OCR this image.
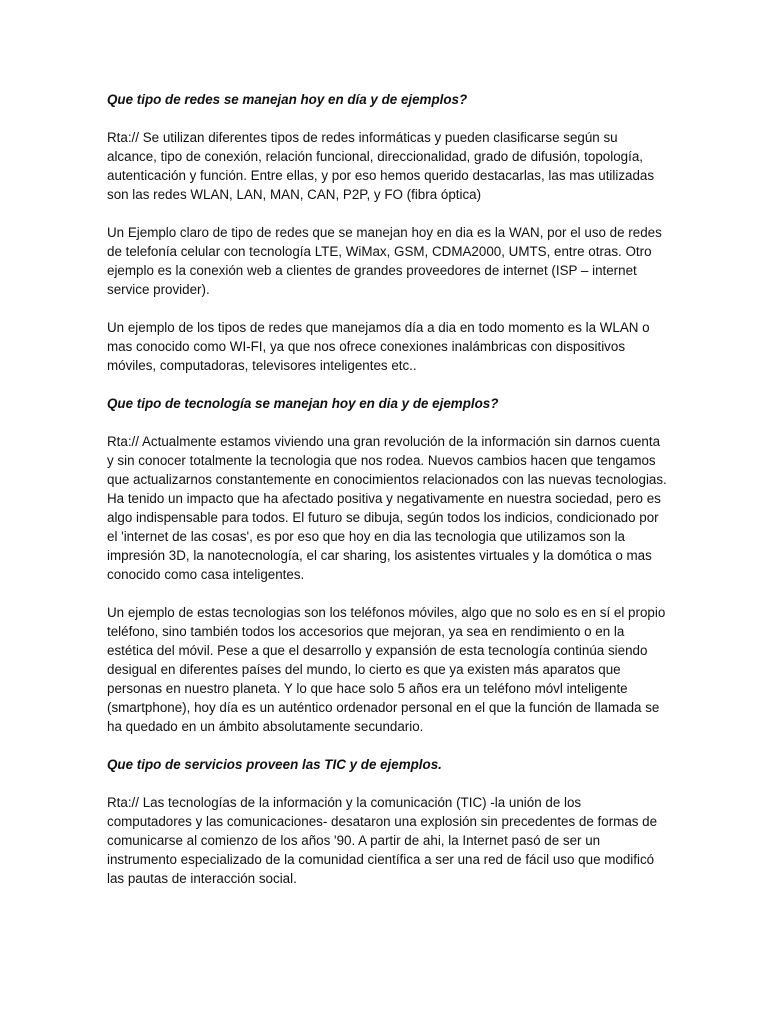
Que tipo de redes se manejan hoy en día y de ejemplos?

Rta:// Se utilizan diferentes tipos de redes informáticas y pueden clasificarse según su alcance, tipo de conexión, relación funcional, direccionalidad, grado de difusión, topología, autenticación y función. Entre ellas, y por eso hemos querido destacarlas, las mas utilizadas son las redes WLAN, LAN, MAN, CAN, P2P, y FO (fibra óptica)

Un Ejemplo claro de tipo de redes que se manejan hoy en dia es la WAN, por el uso de redes de telefonía celular con tecnología LTE, WiMax, GSM, CDMA2000, UMTS, entre otras. Otro ejemplo es la conexión web a clientes de grandes proveedores de internet (ISP – internet service provider).

Un ejemplo de los tipos de redes que manejamos día a dia en todo momento es la WLAN o mas conocido como WI-FI, ya que nos ofrece conexiones inalámbricas con dispositivos móviles, computadoras, televisores inteligentes etc..

Que tipo de tecnología se manejan hoy en dia y de ejemplos?

Rta:// Actualmente estamos viviendo una gran revolución de la información sin darnos cuenta y sin conocer totalmente la tecnologia que nos rodea. Nuevos cambios hacen que tengamos que actualizarnos constantemente en conocimientos relacionados con las nuevas tecnologias.

Ha tenido un impacto que ha afectado positiva y negativamente en nuestra sociedad, pero es algo indispensable para todos. El futuro se dibuja, según todos los indicios, condicionado por el 'internet de las cosas', es por eso que hoy en dia las tecnologia que utilizamos son la impresión 3D, la nanotecnología, el car sharing, los asistentes virtuales y la domótica o mas conocido como casa inteligentes.

Un ejemplo de estas tecnologias son los teléfonos móviles, algo que no solo es en sí el propio teléfono, sino también todos los accesorios que mejoran, ya sea en rendimiento o en la estética del móvil. Pese a que el desarrollo y expansión de esta tecnología continúa siendo desigual en diferentes países del mundo, lo cierto es que ya existen más aparatos que personas en nuestro planeta. Y lo que hace solo 5 años era un teléfono móvl inteligente (smartphone), hoy día es un auténtico ordenador personal en el que la función de llamada se ha quedado en un ámbito absolutamente secundario.

Que tipo de servicios proveen las TIC y de ejemplos.

Rta:// Las tecnologías de la información y la comunicación (TIC) -la unión de los computadores y las comunicaciones- desataron una explosión sin precedentes de formas de comunicarse al comienzo de los años '90. A partir de ahi, la Internet pasó de ser un instrumento especializado de la comunidad científica a ser una red de fácil uso que modificó las pautas de interacción social.
